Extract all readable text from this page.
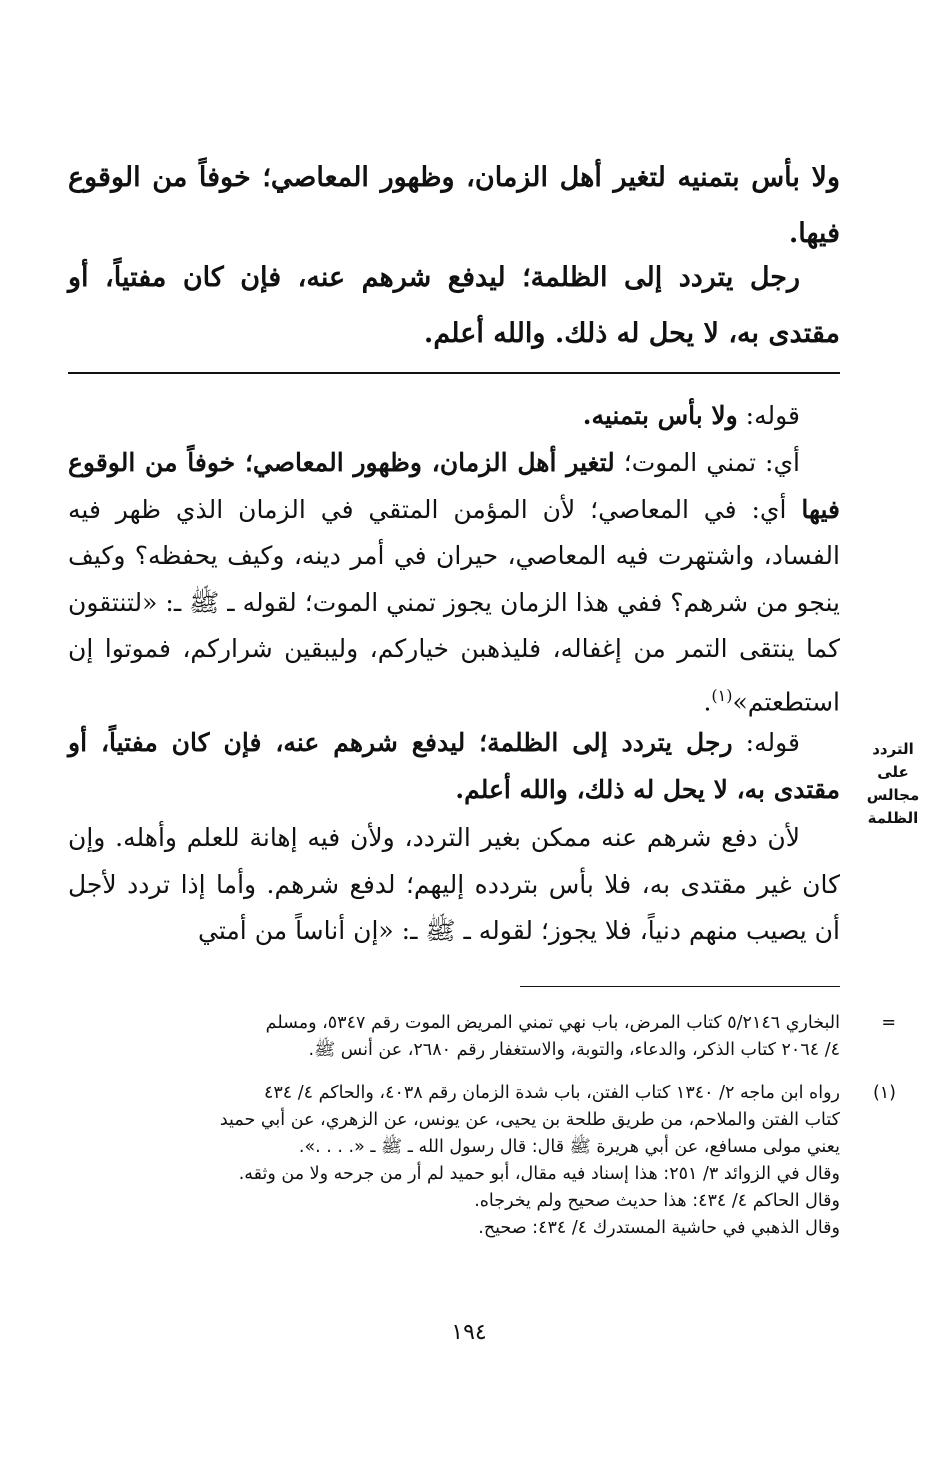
ولا بأس بتمنيه لتغير أهل الزمان، وظهور المعاصي؛ خوفاً من الوقوع فيها.

رجل يتردد إلى الظلمة؛ ليدفع شرهم عنه، فإن كان مفتياً، أو مقتدى به، لا يحل له ذلك. والله أعلم.

قوله: ولا بأس بتمنيه.

أي: تمني الموت؛ لتغير أهل الزمان، وظهور المعاصي؛ خوفاً من الوقوع فيها أي: في المعاصي؛ لأن المؤمن المتقي في الزمان الذي ظهر فيه الفساد، واشتهرت فيه المعاصي، حيران في أمر دينه، وكيف يحفظه؟ وكيف ينجو من شرهم؟ ففي هذا الزمان يجوز تمني الموت؛ لقوله ـ ﷺ ـ: «لتنتقون كما ينتقى التمر من إغفاله، فليذهبن خياركم، وليبقين شراركم، فموتوا إن استطعتم»$^{(١)}$.

قوله: رجل يتردد إلى الظلمة؛ ليدفع شرهم عنه، فإن كان مفتياً، أو مقتدى به، لا يحل له ذلك، والله أعلم.

لأن دفع شرهم عنه ممكن بغير التردد، ولأن فيه إهانة للعلم وأهله. وإن كان غير مقتدى به، فلا بأس بتردده إليهم؛ لدفع شرهم. وأما إذا تردد لأجل أن يصيب منهم دنياً، فلا يجوز؛ لقوله ـ ﷺ ـ: «إن أناساً من أمتي

التردد
على
مجالس
الظلمة
=
البخاري ٥/٢١٤٦ كتاب المرض، باب نهي تمني المريض الموت رقم ٥٣٤٧، ومسلم
٤/ ٢٠٦٤ كتاب الذكر، والدعاء، والتوبة، والاستغفار رقم ٢٦٨٠، عن أنس ﷺ.
(١)
رواه ابن ماجه ٢/ ١٣٤٠ كتاب الفتن، باب شدة الزمان رقم ٤٠٣٨، والحاكم ٤/ ٤٣٤
كتاب الفتن والملاحم، من طريق طلحة بن يحيى، عن يونس، عن الزهري، عن أبي حميد
يعني مولى مسافع، عن أبي هريرة ﷺ قال: قال رسول الله ـ ﷺ ـ «. . . .».
وقال في الزوائد ٣/ ٢٥١: هذا إسناد فيه مقال، أبو حميد لم أر من جرحه ولا من وثقه.
وقال الحاكم ٤/ ٤٣٤: هذا حديث صحيح ولم يخرجاه.
وقال الذهبي في حاشية المستدرك ٤/ ٤٣٤: صحيح.
١٩٤
